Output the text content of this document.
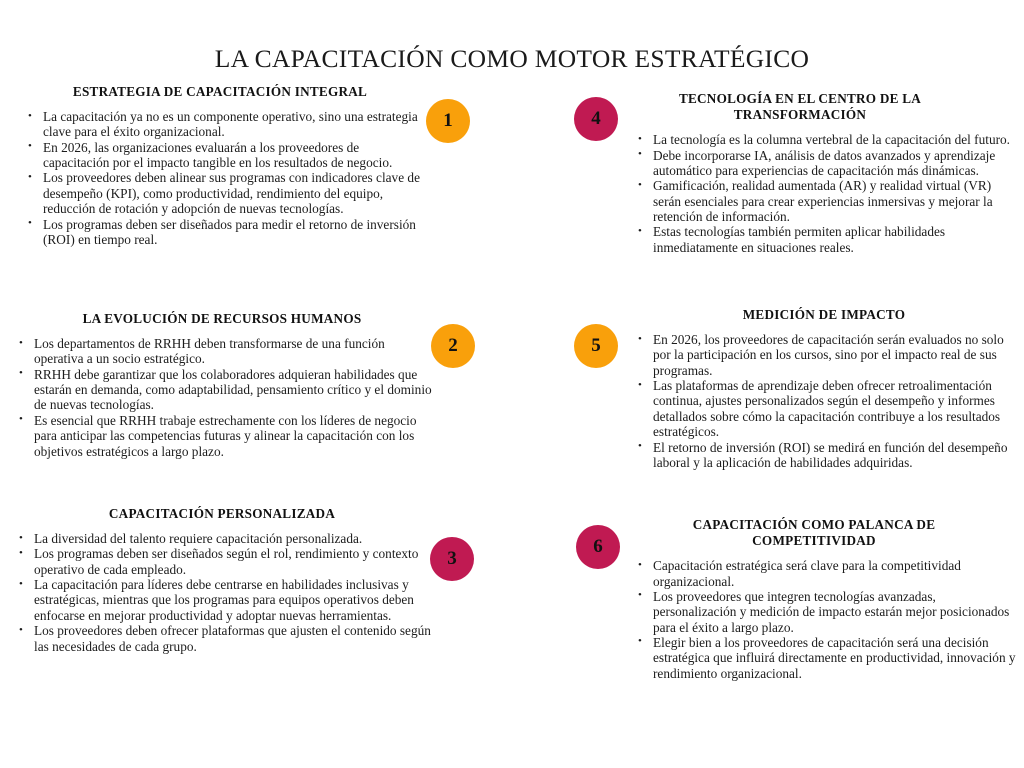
LA CAPACITACIÓN COMO MOTOR ESTRATÉGICO
ESTRATEGIA DE CAPACITACIÓN INTEGRAL
• La capacitación ya no es un componente operativo, sino una estrategia clave para el éxito organizacional.
• En 2026, las organizaciones evaluarán a los proveedores de capacitación por el impacto tangible en los resultados de negocio.
• Los proveedores deben alinear sus programas con indicadores clave de desempeño (KPI), como productividad, rendimiento del equipo, reducción de rotación y adopción de nuevas tecnologías.
• Los programas deben ser diseñados para medir el retorno de inversión (ROI) en tiempo real.
LA EVOLUCIÓN DE RECURSOS HUMANOS
• Los departamentos de RRHH deben transformarse de una función operativa a un socio estratégico.
• RRHH debe garantizar que los colaboradores adquieran habilidades que estarán en demanda, como adaptabilidad, pensamiento crítico y el dominio de nuevas tecnologías.
• Es esencial que RRHH trabaje estrechamente con los líderes de negocio para anticipar las competencias futuras y alinear la capacitación con los objetivos estratégicos a largo plazo.
CAPACITACIÓN PERSONALIZADA
• La diversidad del talento requiere capacitación personalizada.
• Los programas deben ser diseñados según el rol, rendimiento y contexto operativo de cada empleado.
• La capacitación para líderes debe centrarse en habilidades inclusivas y estratégicas, mientras que los programas para equipos operativos deben enfocarse en mejorar productividad y adoptar nuevas herramientas.
• Los proveedores deben ofrecer plataformas que ajusten el contenido según las necesidades de cada grupo.
TECNOLOGÍA EN EL CENTRO DE LA TRANSFORMACIÓN
• La tecnología es la columna vertebral de la capacitación del futuro.
• Debe incorporarse IA, análisis de datos avanzados y aprendizaje automático para experiencias de capacitación más dinámicas.
• Gamificación, realidad aumentada (AR) y realidad virtual (VR) serán esenciales para crear experiencias inmersivas y mejorar la retención de información.
• Estas tecnologías también permiten aplicar habilidades inmediatamente en situaciones reales.
MEDICIÓN DE IMPACTO
• En 2026, los proveedores de capacitación serán evaluados no solo por la participación en los cursos, sino por el impacto real de sus programas.
• Las plataformas de aprendizaje deben ofrecer retroalimentación continua, ajustes personalizados según el desempeño y informes detallados sobre cómo la capacitación contribuye a los resultados estratégicos.
• El retorno de inversión (ROI) se medirá en función del desempeño laboral y la aplicación de habilidades adquiridas.
CAPACITACIÓN COMO PALANCA DE COMPETITIVIDAD
• Capacitación estratégica será clave para la competitividad organizacional.
• Los proveedores que integren tecnologías avanzadas, personalización y medición de impacto estarán mejor posicionados para el éxito a largo plazo.
• Elegir bien a los proveedores de capacitación será una decisión estratégica que influirá directamente en productividad, innovación y rendimiento organizacional.
1
2
3
4
5
6
